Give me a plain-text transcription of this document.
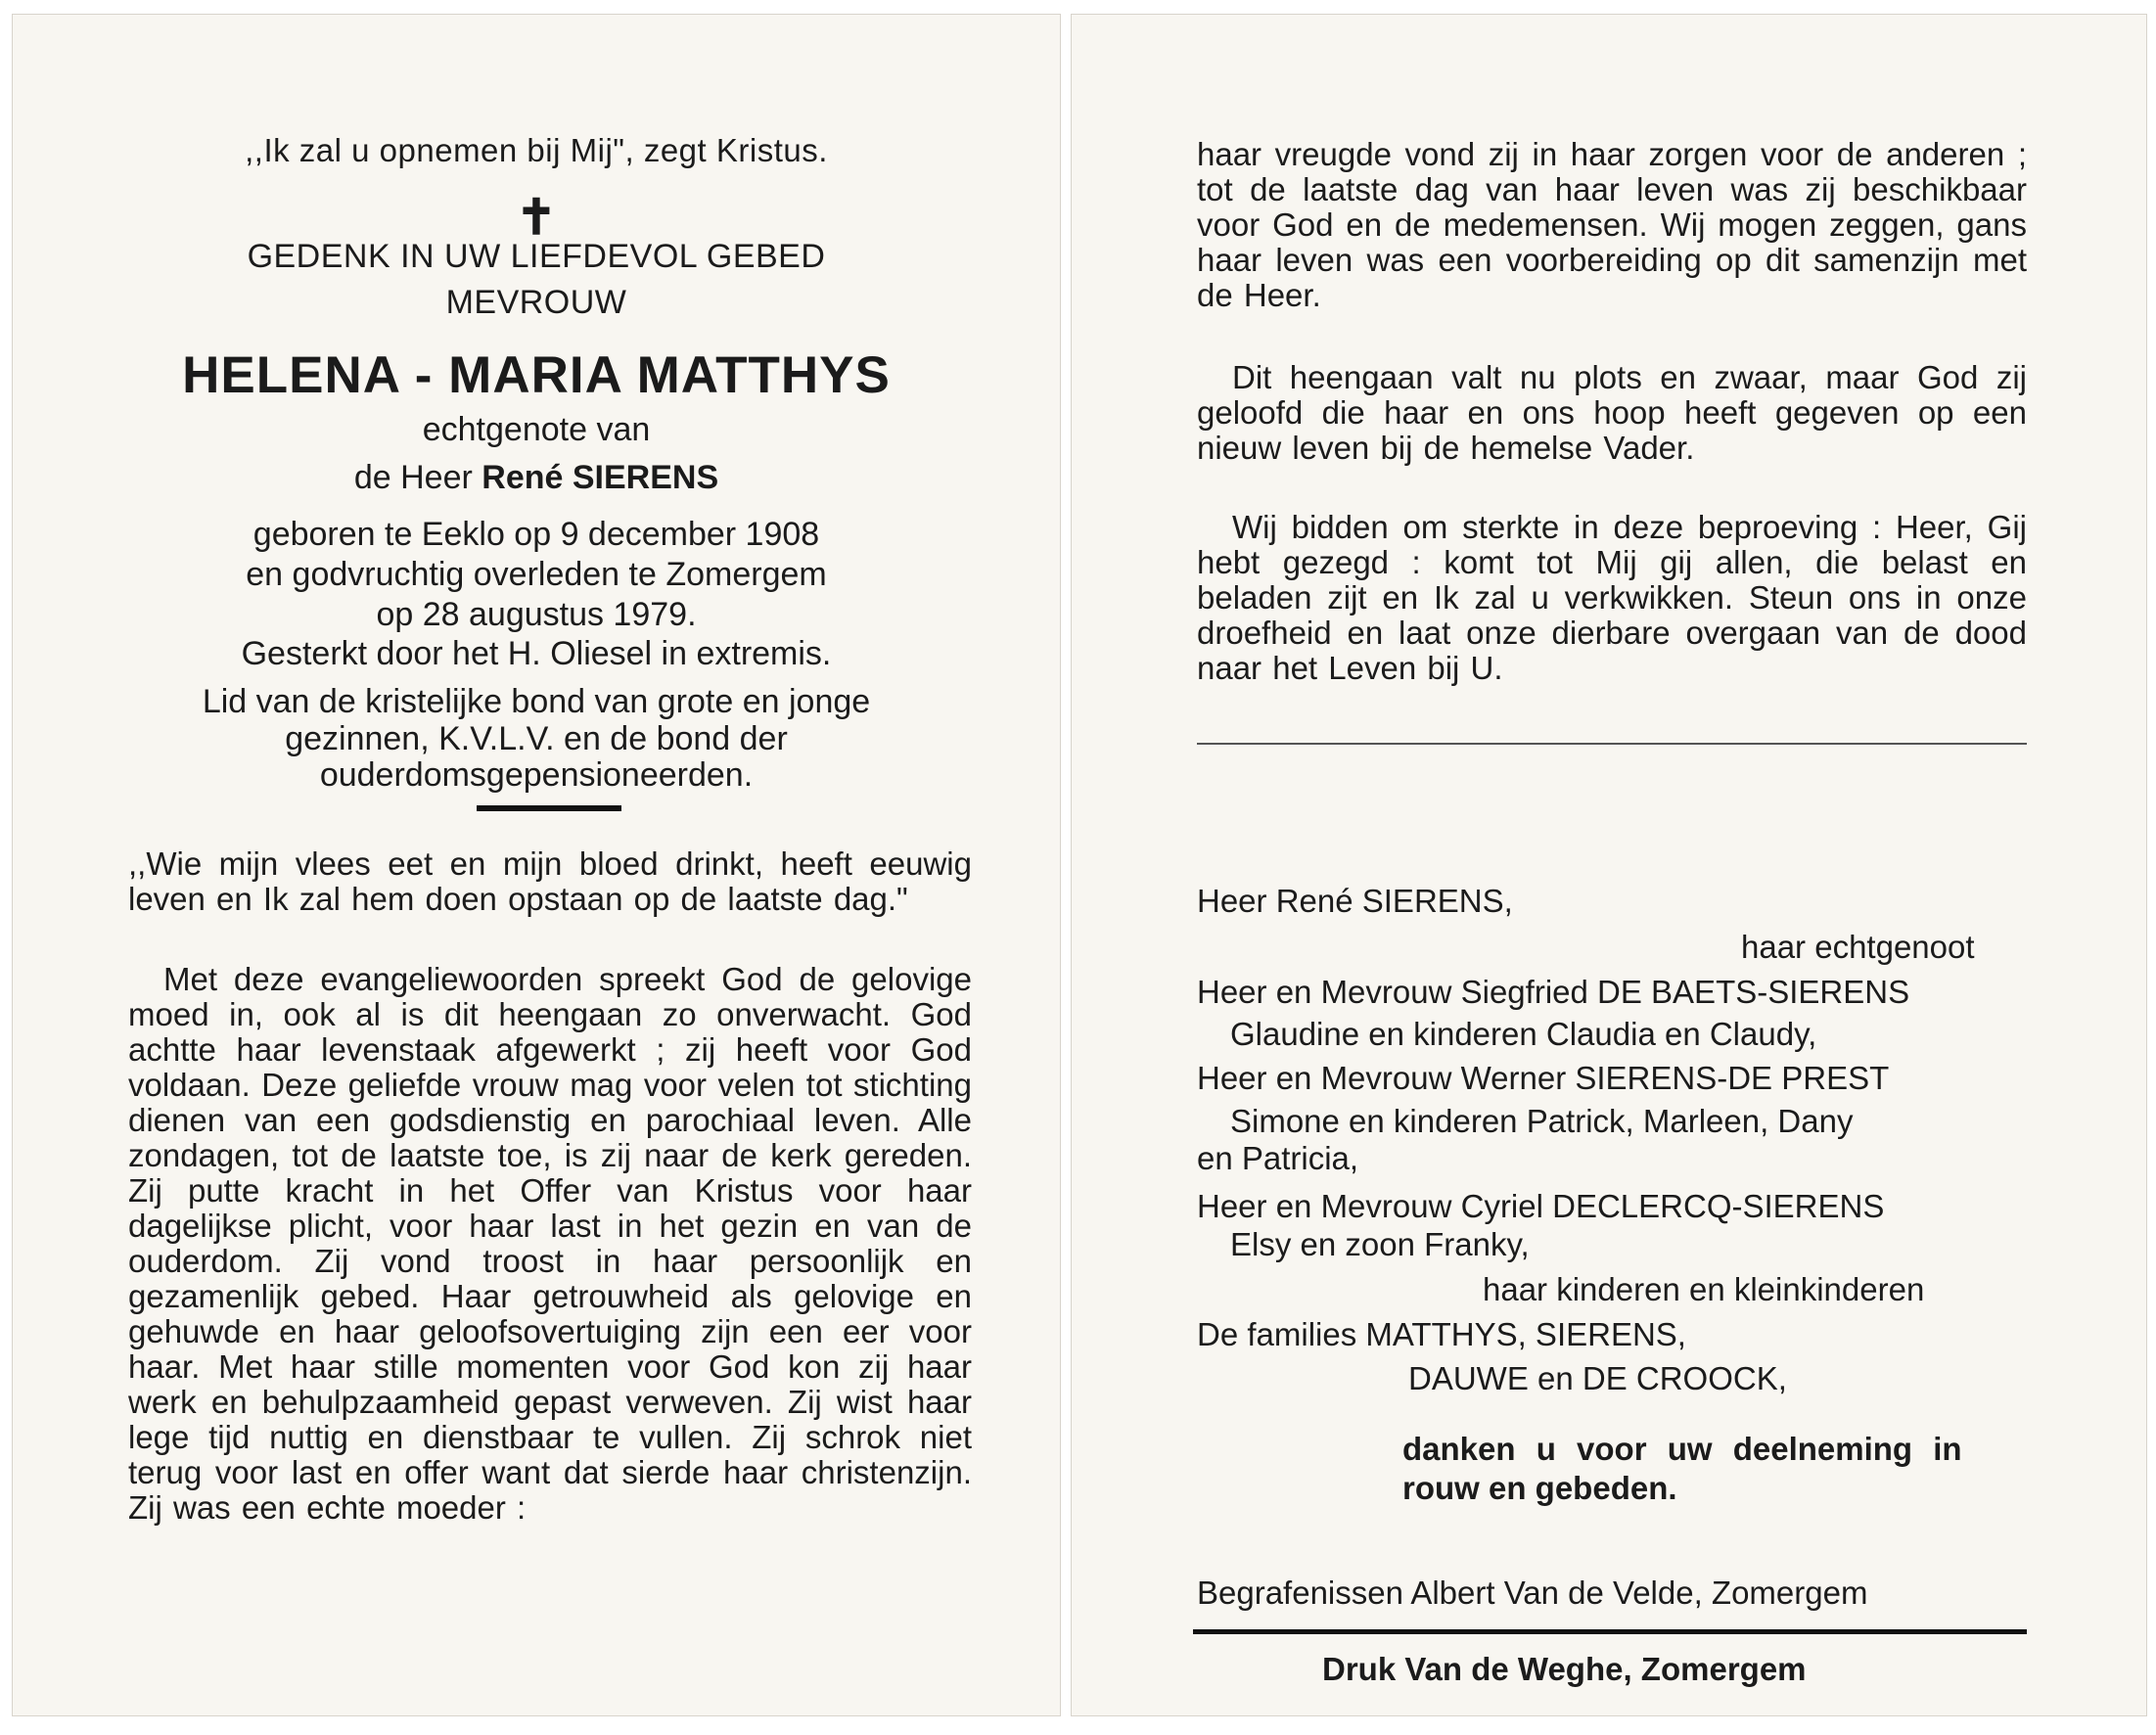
,,Ik zal u opnemen bij Mij", zegt Kristus.
✝
GEDENK IN UW LIEFDEVOL GEBED
MEVROUW
HELENA - MARIA MATTHYS
echtgenote van
de Heer René SIERENS
geboren te Eeklo op 9 december 1908
en godvruchtig overleden te Zomergem
op 28 augustus 1979.
Gesterkt door het H. Oliesel in extremis.
Lid van de kristelijke bond van grote en jonge
gezinnen, K.V.L.V. en de bond der
ouderdomsgepensioneerden.
,,Wie mijn vlees eet en mijn bloed drinkt, heeft eeuwig leven en Ik zal hem doen opstaan op de laatste dag."
Met deze evangeliewoorden spreekt God de gelovige moed in, ook al is dit heengaan zo onverwacht. God achtte haar levenstaak afgewerkt ; zij heeft voor God voldaan. Deze geliefde vrouw mag voor velen tot stichting dienen van een godsdienstig en parochiaal leven. Alle zondagen, tot de laatste toe, is zij naar de kerk gereden. Zij putte kracht in het Offer van Kristus voor haar dagelijkse plicht, voor haar last in het gezin en van de ouderdom. Zij vond troost in haar persoonlijk en gezamenlijk gebed. Haar getrouwheid als gelovige en gehuwde en haar geloofsovertuiging zijn een eer voor haar. Met haar stille momenten voor God kon zij haar werk en behulpzaamheid gepast verweven. Zij wist haar lege tijd nuttig en dienstbaar te vullen. Zij schrok niet terug voor last en offer want dat sierde haar christenzijn. Zij was een echte moeder :
haar vreugde vond zij in haar zorgen voor de anderen ; tot de laatste dag van haar leven was zij beschikbaar voor God en de medemensen. Wij mogen zeggen, gans haar leven was een voorbereiding op dit samenzijn met de Heer.
Dit heengaan valt nu plots en zwaar, maar God zij geloofd die haar en ons hoop heeft gegeven op een nieuw leven bij de hemelse Vader.
Wij bidden om sterkte in deze beproeving : Heer, Gij hebt gezegd : komt tot Mij gij allen, die belast en beladen zijt en Ik zal u verkwikken. Steun ons in onze droefheid en laat onze dierbare overgaan van de dood naar het Leven bij U.
Heer René SIERENS,
haar echtgenoot
Heer en Mevrouw Siegfried DE BAETS-SIERENS
Glaudine en kinderen Claudia en Claudy,
Heer en Mevrouw Werner SIERENS-DE PREST
Simone en kinderen Patrick, Marleen, Dany
en Patricia,
Heer en Mevrouw Cyriel DECLERCQ-SIERENS
Elsy en zoon Franky,
haar kinderen en kleinkinderen
De families MATTHYS, SIERENS,
DAUWE en DE CROOCK,
danken u voor uw deelneming in
rouw en gebeden.
Begrafenissen Albert Van de Velde, Zomergem
Druk Van de Weghe, Zomergem
